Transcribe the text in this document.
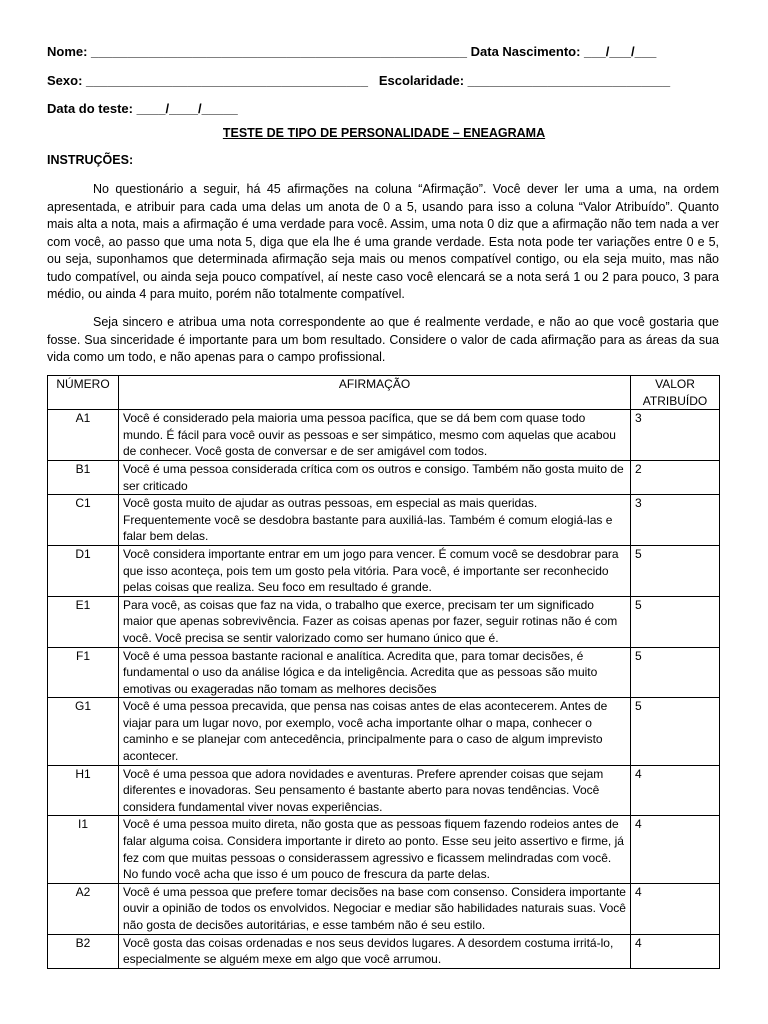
Nome: ____________________________________________________ Data Nascimento: ___/___/___
Sexo: _______________________________________   Escolaridade: ____________________________
Data do teste: ____/____/_____
TESTE DE TIPO DE PERSONALIDADE – ENEAGRAMA
INSTRUÇÕES:

No questionário a seguir, há 45 afirmações na coluna “Afirmação”. Você dever ler uma a uma, na ordem apresentada, e atribuir para cada uma delas um anota de 0 a 5, usando para isso a coluna “Valor Atribuído”. Quanto mais alta a nota, mais a afirmação é uma verdade para você. Assim, uma nota 0 diz que a afirmação não tem nada a ver com você, ao passo que uma nota 5, diga que ela lhe é uma grande verdade. Esta nota pode ter variações entre 0 e 5, ou seja, suponhamos que determinada afirmação seja mais ou menos compatível contigo, ou ela seja muito, mas não tudo compatível, ou ainda seja pouco compatível, aí neste caso você elencará se a nota será 1 ou 2 para pouco, 3 para médio, ou ainda 4 para muito, porém não totalmente compatível.

Seja sincero e atribua uma nota correspondente ao que é realmente verdade, e não ao que você gostaria que fosse. Sua sinceridade é importante para um bom resultado. Considere o valor de cada afirmação para as áreas da sua vida como um todo, e não apenas para o campo profissional.

NÚMERO	AFIRMAÇÃO	VALOR ATRIBUÍDO
A1	Você é considerado pela maioria uma pessoa pacífica, que se dá bem com quase todo mundo. É fácil para você ouvir as pessoas e ser simpático, mesmo com aquelas que acabou de conhecer. Você gosta de conversar e de ser amigável com todos.	3
B1	Você é uma pessoa considerada crítica com os outros e consigo. Também não gosta muito de ser criticado	2
C1	Você gosta muito de ajudar as outras pessoas, em especial as mais queridas. Frequentemente você se desdobra bastante para auxiliá-las. Também é comum elogiá-las e falar bem delas.	3
D1	Você considera importante entrar em um jogo para vencer. É comum você se desdobrar para que isso aconteça, pois tem um gosto pela vitória. Para você, é importante ser reconhecido pelas coisas que realiza. Seu foco em resultado é grande.	5
E1	Para você, as coisas que faz na vida, o trabalho que exerce, precisam ter um significado maior que apenas sobrevivência. Fazer as coisas apenas por fazer, seguir rotinas não é com você. Você precisa se sentir valorizado como ser humano único que é.	5
F1	Você é uma pessoa bastante racional e analítica. Acredita que, para tomar decisões, é fundamental o uso da análise lógica e da inteligência. Acredita que as pessoas são muito emotivas ou exageradas não tomam as melhores decisões	5
G1	Você é uma pessoa precavida, que pensa nas coisas antes de elas acontecerem. Antes de viajar para um lugar novo, por exemplo, você acha importante olhar o mapa, conhecer o caminho e se planejar com antecedência, principalmente para o caso de algum imprevisto acontecer.	5
H1	Você é uma pessoa que adora novidades e aventuras. Prefere aprender coisas que sejam diferentes e inovadoras. Seu pensamento é bastante aberto para novas tendências. Você considera fundamental viver novas experiências.	4
I1	Você é uma pessoa muito direta, não gosta que as pessoas fiquem fazendo rodeios antes de falar alguma coisa. Considera importante ir direto ao ponto. Esse seu jeito assertivo e firme, já fez com que muitas pessoas o considerassem agressivo e ficassem melindradas com você. No fundo você acha que isso é um pouco de frescura da parte delas.	4
A2	Você é uma pessoa que prefere tomar decisões na base com consenso. Considera importante ouvir a opinião de todos os envolvidos. Negociar e mediar são habilidades naturais suas. Você não gosta de decisões autoritárias, e esse também não é seu estilo.	4
B2	Você gosta das coisas ordenadas e nos seus devidos lugares. A desordem costuma irritá-lo, especialmente se alguém mexe em algo que você arrumou.	4
